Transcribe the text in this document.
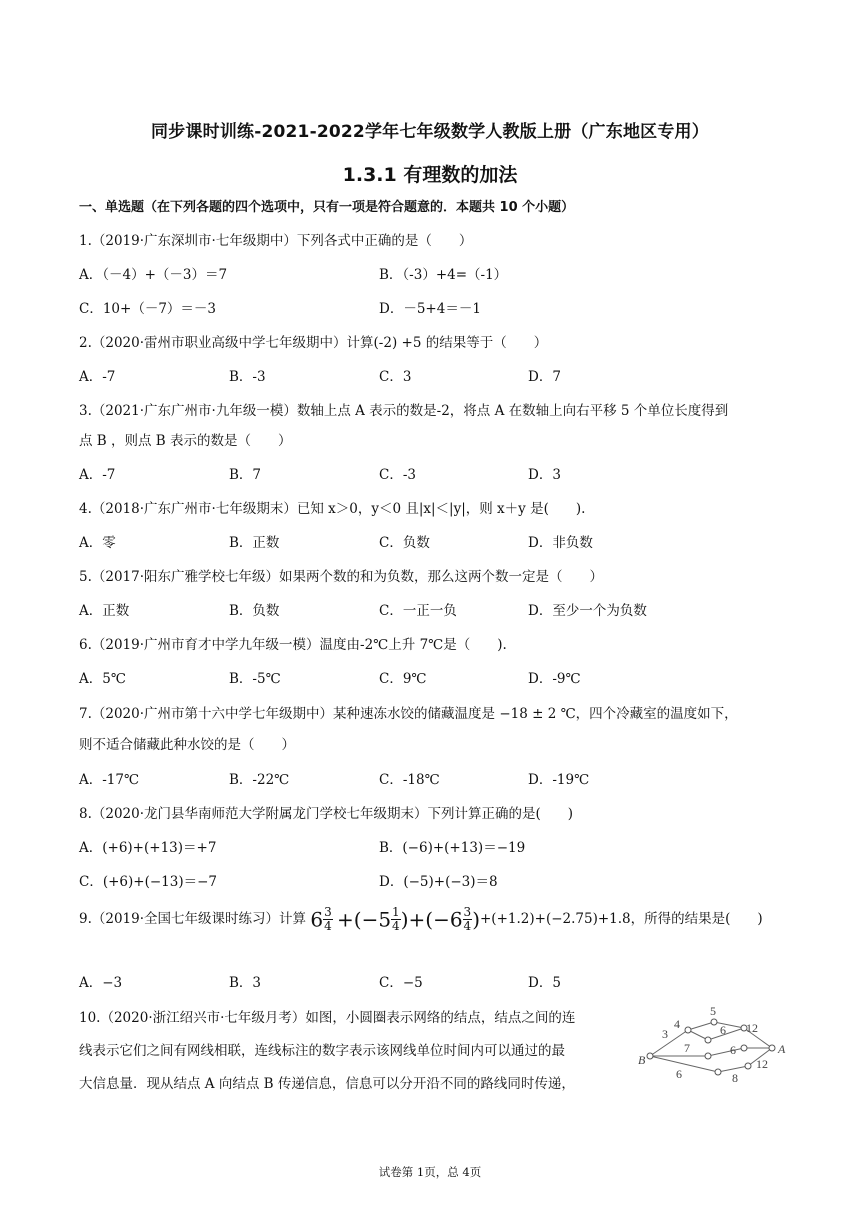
同步课时训练-2021-2022学年七年级数学人教版上册（广东地区专用）
1.3.1 有理数的加法
一、单选题（在下列各题的四个选项中，只有一项是符合题意的．本题共 10 个小题）
1.（2019·广东深圳市·七年级期中）下列各式中正确的是（　　）
A．（－4）+（－3）＝7	B．（-3）+4=（-1）
C．10+（－7）＝－3	D．－5+4＝－1
2.（2020·雷州市职业高级中学七年级期中）计算(-2) +5 的结果等于（　　）
A．-7	B．-3	C．3	D．7
3.（2021·广东广州市·九年级一模）数轴上点 A 表示的数是-2，将点 A 在数轴上向右平移 5 个单位长度得到
点 B ，则点 B 表示的数是（　　）
A．-7	B．7	C．-3	D．3
4.（2018·广东广州市·七年级期末）已知 x＞0，y＜0 且|x|＜|y|，则 x＋y 是(　　).
A．零	B．正数	C．负数	D．非负数
5.（2017·阳东广雅学校七年级）如果两个数的和为负数，那么这两个数一定是（　　）
A．正数	B．负数	C．一正一负	D．至少一个为负数
6.（2019·广州市育才中学九年级一模）温度由-2℃上升 7℃是（　　).
A．5℃	B．-5℃	C．9℃	D．-9℃
7.（2020·广州市第十六中学七年级期中）某种速冻水饺的储藏温度是 −18 ± 2 ℃，四个冷藏室的温度如下，
则不适合储藏此种水饺的是（　　）
A．-17℃	B．-22℃	C．-18℃	D．-19℃
8.（2020·龙门县华南师范大学附属龙门学校七年级期末）下列计算正确的是(　　)
A．(+6)+(+13)＝+7	B．(−6)+(+13)＝−19
C．(+6)+(−13)＝−7	D．(−5)+(−3)＝8
9.（2019·全国七年级课时练习）计算 $6 \frac{3}{4} +(-5 \frac{1}{4} )+(-6 \frac{3}{4} )+(+1.2)+(-2.75)+1.8$，所得的结果是(　　)
A．−3	B．3	C．−5	D．5
10.（2020·浙江绍兴市·七年级月考）如图，小圆圈表示网络的结点，结点之间的连
线表示它们之间有网线相联，连线标注的数字表示该网线单位时间内可以通过的最
大信息量．现从结点 A 向结点 B 传递信息，信息可以分开沿不同的路线同时传递，
B
A
3
4
5
6 12
7	6
12
6	8
试卷第 1页，总 4页
